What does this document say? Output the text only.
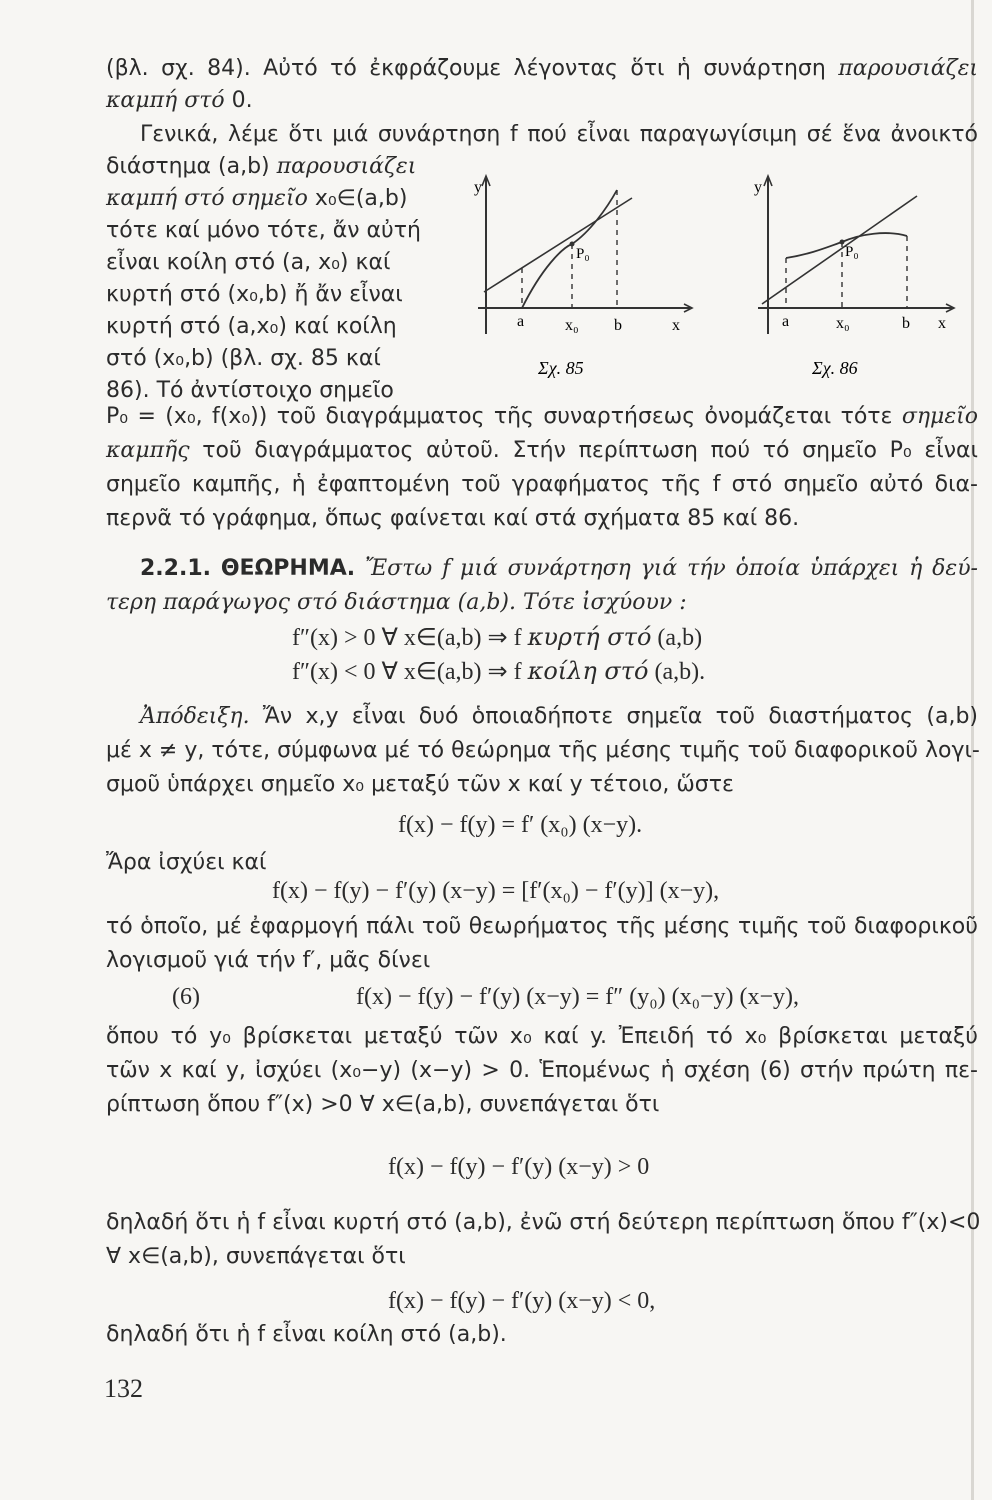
(βλ. σχ. 84). Αὐτό τό ἐκφράζουμε λέγοντας ὅτι ἡ συνάρτηση παρουσιάζει
καμπή στό 0.
Γενικά, λέμε ὅτι μιά συνάρτηση f πού εἶναι παραγωγίσιμη σέ ἕνα ἀνοικτό
διάστημα (a,b) παρουσιάζει
καμπή στό σημεῖο x₀∈(a,b)
τότε καί μόνο τότε, ἄν αὐτή
εἶναι κοίλη στό (a, x₀) καί
κυρτή στό (x₀,b) ἤ ἄν εἶναι
κυρτή στό (a,x₀) καί κοίλη
στό (x₀,b) (βλ. σχ. 85 καί
86). Τό ἀντίστοιχο σημεῖο
y
P₀
a	x₀ b	x
Σχ. 85
y
P₀
a	x₀	b x
Σχ. 86
P₀ = (x₀, f(x₀)) τοῦ διαγράμματος τῆς συναρτήσεως ὀνομάζεται τότε σημεῖο
καμπῆς τοῦ διαγράμματος αὐτοῦ. Στήν περίπτωση πού τό σημεῖο P₀ εἶναι
σημεῖο καμπῆς, ἡ ἐφαπτομένη τοῦ γραφήματος τῆς f στό σημεῖο αὐτό δια-
περνᾶ τό γράφημα, ὅπως φαίνεται καί στά σχήματα 85 καί 86.
2.2.1. ΘΕΩΡΗΜΑ. Ἔστω f μιά συνάρτηση γιά τήν ὁποία ὑπάρχει ἡ δεύ-
τερη παράγωγος στό διάστημα (a,b). Τότε ἰσχύουν :
f″(x) > 0 ∀ x∈(a,b) ⇒ f κυρτή στό (a,b)
f″(x) < 0 ∀ x∈(a,b) ⇒ f κοίλη στό (a,b).
Ἀπόδειξη. Ἄν x,y εἶναι δυό ὁποιαδήποτε σημεῖα τοῦ διαστήματος (a,b)
μέ x ≠ y, τότε, σύμφωνα μέ τό θεώρημα τῆς μέσης τιμῆς τοῦ διαφορικοῦ λογι-
σμοῦ ὑπάρχει σημεῖο x₀ μεταξύ τῶν x καί y τέτοιο, ὥστε
f(x) − f(y) = f′ (x₀) (x−y).
Ἄρα ἰσχύει καί
f(x) − f(y) − f′(y) (x−y) = [f′(x₀) − f′(y)] (x−y),
τό ὁποῖο, μέ ἐφαρμογή πάλι τοῦ θεωρήματος τῆς μέσης τιμῆς τοῦ διαφορικοῦ
λογισμοῦ γιά τήν f′, μᾶς δίνει
(6)	f(x) − f(y) − f′(y) (x−y) = f″ (y₀) (x₀−y) (x−y),
ὅπου τό y₀ βρίσκεται μεταξύ τῶν x₀ καί y. Ἐπειδή τό x₀ βρίσκεται μεταξύ
τῶν x καί y, ἰσχύει (x₀−y) (x−y) > 0. Ἑπομένως ἡ σχέση (6) στήν πρώτη πε-
ρίπτωση ὅπου f″(x) >0 ∀ x∈(a,b), συνεπάγεται ὅτι
f(x) − f(y) − f′(y) (x−y) > 0
δηλαδή ὅτι ἡ f εἶναι κυρτή στό (a,b), ἐνῶ στή δεύτερη περίπτωση ὅπου f″(x)<0
∀ x∈(a,b), συνεπάγεται ὅτι
f(x) − f(y) − f′(y) (x−y) < 0,
δηλαδή ὅτι ἡ f εἶναι κοίλη στό (a,b).
132
